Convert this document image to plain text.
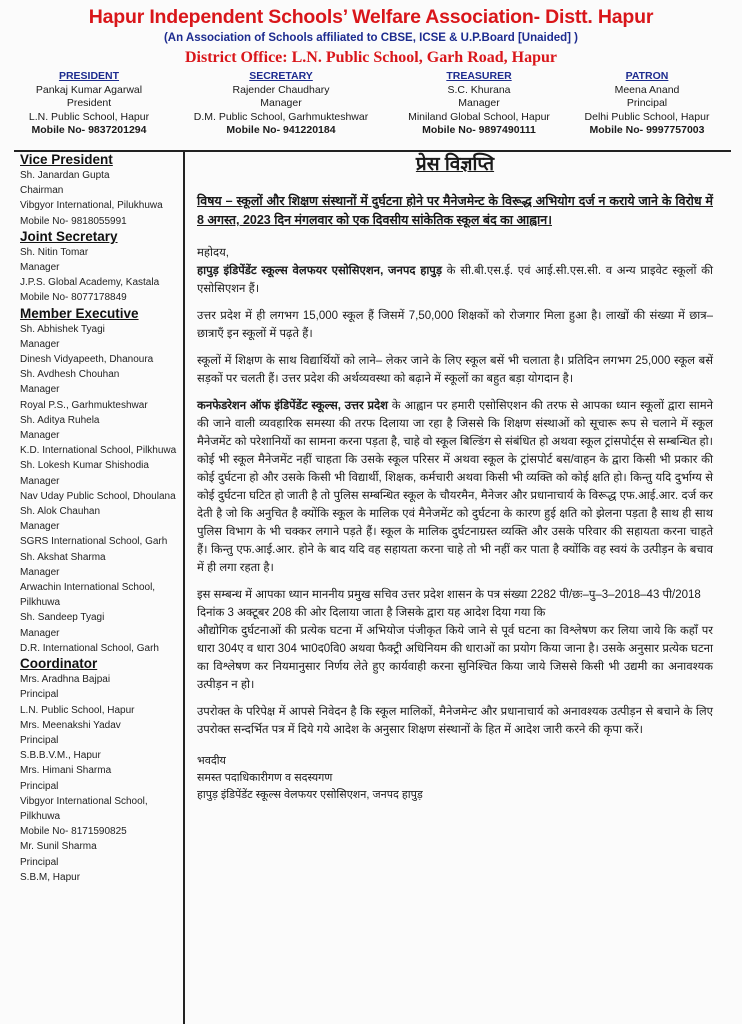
Hapur Independent Schools’ Welfare Association- Distt. Hapur
(An Association of Schools affiliated to CBSE, ICSE & U.P.Board [Unaided] )
District Office: L.N. Public School, Garh Road, Hapur
PRESIDENT
Pankaj Kumar Agarwal
President
L.N. Public School, Hapur
Mobile No- 9837201294
SECRETARY
Rajender Chaudhary
Manager
D.M. Public School, Garhmukteshwar
Mobile No- 941220184
TREASURER
S.C. Khurana
Manager
Miniland Global School, Hapur
Mobile No- 9897490111
PATRON
Meena Anand
Principal
Delhi Public School, Hapur
Mobile No- 9997757003
Vice President
Sh. Janardan Gupta
Chairman
Vibgyor International, Pilukhuwa
Mobile No- 9818055991
Joint Secretary
Sh. Nitin Tomar
Manager
J.P.S. Global Academy, Kastala
Mobile No- 8077178849
Member Executive
Sh. Abhishek Tyagi
Manager
Dinesh Vidyapeeth, Dhanoura
Sh. Avdhesh Chouhan
Manager
Royal P.S., Garhmukteshwar
Sh. Aditya Ruhela
Manager
K.D. International School, Pilkhuwa
Sh. Lokesh Kumar Shishodia
Manager
Nav Uday Public School, Dhoulana
Sh. Alok Chauhan
Manager
SGRS International School, Garh
Sh. Akshat Sharma
Manager
Arwachin International School,
Pilkhuwa
Sh. Sandeep Tyagi
Manager
D.R. International School, Garh
Coordinator
Mrs. Aradhna Bajpai
Principal
L.N. Public School, Hapur
Mrs. Meenakshi Yadav
Principal
S.B.B.V.M., Hapur
Mrs. Himani Sharma
Principal
Vibgyor International School,
Pilkhuwa
Mobile No- 8171590825
Mr. Sunil Sharma
Principal
S.B.M, Hapur
प्रेस विज्ञप्ति
विषय – स्कूलों और शिक्षण संस्थानों में दुर्घटना होने पर मैनेजमेन्ट के विरूद्ध अभियोग दर्ज न कराये जाने के विरोध में 8 अगस्त, 2023 दिन मंगलवार को एक दिवसीय सांकेतिक स्कूल बंद का आह्वान।
महोदय,
हापुड़ इंडिपेंडेंट स्कूल्स वेलफयर एसोसिएशन, जनपद हापुड़ के सी.बी.एस.ई. एवं आई.सी.एस.सी. व अन्य प्राइवेट स्कूलों की एसोसिएशन हैं।
उत्तर प्रदेश में ही लगभग 15,000 स्कूल हैं जिसमें 7,50,000 शिक्षकों को रोजगार मिला हुआ है। लाखों की संख्या में छात्र–छात्राएँ इन स्कूलों में पढ़ते हैं।
स्कूलों में शिक्षण के साथ विद्यार्थियों को लाने– लेकर जाने के लिए स्कूल बसें भी चलाता है। प्रतिदिन लगभग 25,000 स्कूल बसें सड़कों पर चलती हैं। उत्तर प्रदेश की अर्थव्यवस्था को बढ़ाने में स्कूलों का बहुत बड़ा योगदान है।
कनफेडरेशन ऑफ इंडिपेंडेंट स्कूल्स, उत्तर प्रदेश के आह्वान पर हमारी एसोसिएशन की तरफ से आपका ध्यान स्कूलों द्वारा सामने की जाने वाली व्यवहारिक समस्या की तरफ दिलाया जा रहा है जिससे कि शिक्षण संस्थाओं को सूचारू रूप से चलाने में स्कूल मैनेजमेंट को परेशानियों का सामना करना पड़ता है, चाहे वो स्कूल बिल्डिंग से संबंधित हो अथवा स्कूल ट्रांसपोर्ट्स से सम्बन्धित हो।कोई भी स्कूल मैनेजमेंट नहीं चाहता कि उसके स्कूल परिसर में अथवा स्कूल के ट्रांसपोर्ट बस/वाहन के द्वारा किसी भी प्रकार की कोई दुर्घटना हो और उसके किसी भी विद्यार्थी, शिक्षक, कर्मचारी अथवा किसी भी व्यक्ति को कोई क्षति हो। किन्तु यदि दुर्भाग्य से कोई दुर्घटना घटित हो जाती है तो पुलिस सम्बन्धित स्कूल के चौयरमैन, मैनेजर और प्रधानाचार्य के विरूद्ध एफ.आई.आर. दर्ज कर देती है जो कि अनुचित है क्योंकि स्कूल के मालिक एवं मैनेजमेंट को दुर्घटना के कारण हुई क्षति को झेलना पड़ता है साथ ही साथ पुलिस विभाग के भी चक्कर लगाने पड़ते हैं। स्कूल के मालिक दुर्घटनाग्रस्त व्यक्ति और उसके परिवार की सहायता करना चाहते हैं। किन्तु एफ.आई.आर. होने के बाद यदि वह सहायता करना चाहे तो भी नहीं कर पाता है क्योंकि वह स्वयं के उत्पीड़न के बचाव में ही लगा रहता है।
इस सम्बन्ध में आपका ध्यान माननीय प्रमुख सचिव उत्तर प्रदेश शासन के पत्र संख्या 2282 पी/छः–पु–3–2018–43 पी/2018 दिनांक 3 अक्टूबर 208 की ओर दिलाया जाता है जिसके द्वारा यह आदेश दिया गया कि
औद्योगिक दुर्घटनाओं की प्रत्येक घटना में अभियोज पंजीकृत किये जाने से पूर्व घटना का विश्लेषण कर लिया जाये कि कहाँ पर धारा 304ए व धारा 304 भा0द0वि0 अथवा फैक्ट्री अधिनियम की धाराओं का प्रयोग किया जाना है। उसके अनुसार प्रत्येक घटना का विश्लेषण कर नियमानुसार निर्णय लेते हुए कार्यवाही करना सुनिश्चित किया जाये जिससे किसी भी उद्यमी का अनावश्यक उत्पीड़न न हो।
उपरोक्त के परिपेक्ष में आपसे निवेदन है कि स्कूल मालिकों, मैनेजमेन्ट और प्रधानाचार्य को अनावश्यक उत्पीड़न से बचाने के लिए उपरोक्त सन्दर्भित पत्र में दिये गये आदेश के अनुसार शिक्षण संस्थानों के हित में आदेश जारी करने की कृपा करें।
भवदीय
समस्त पदाधिकारीगण व सदस्यगण
हापुड़ इंडिपेंडेंट स्कूल्स वेलफयर एसोसिएशन, जनपद हापुड़
